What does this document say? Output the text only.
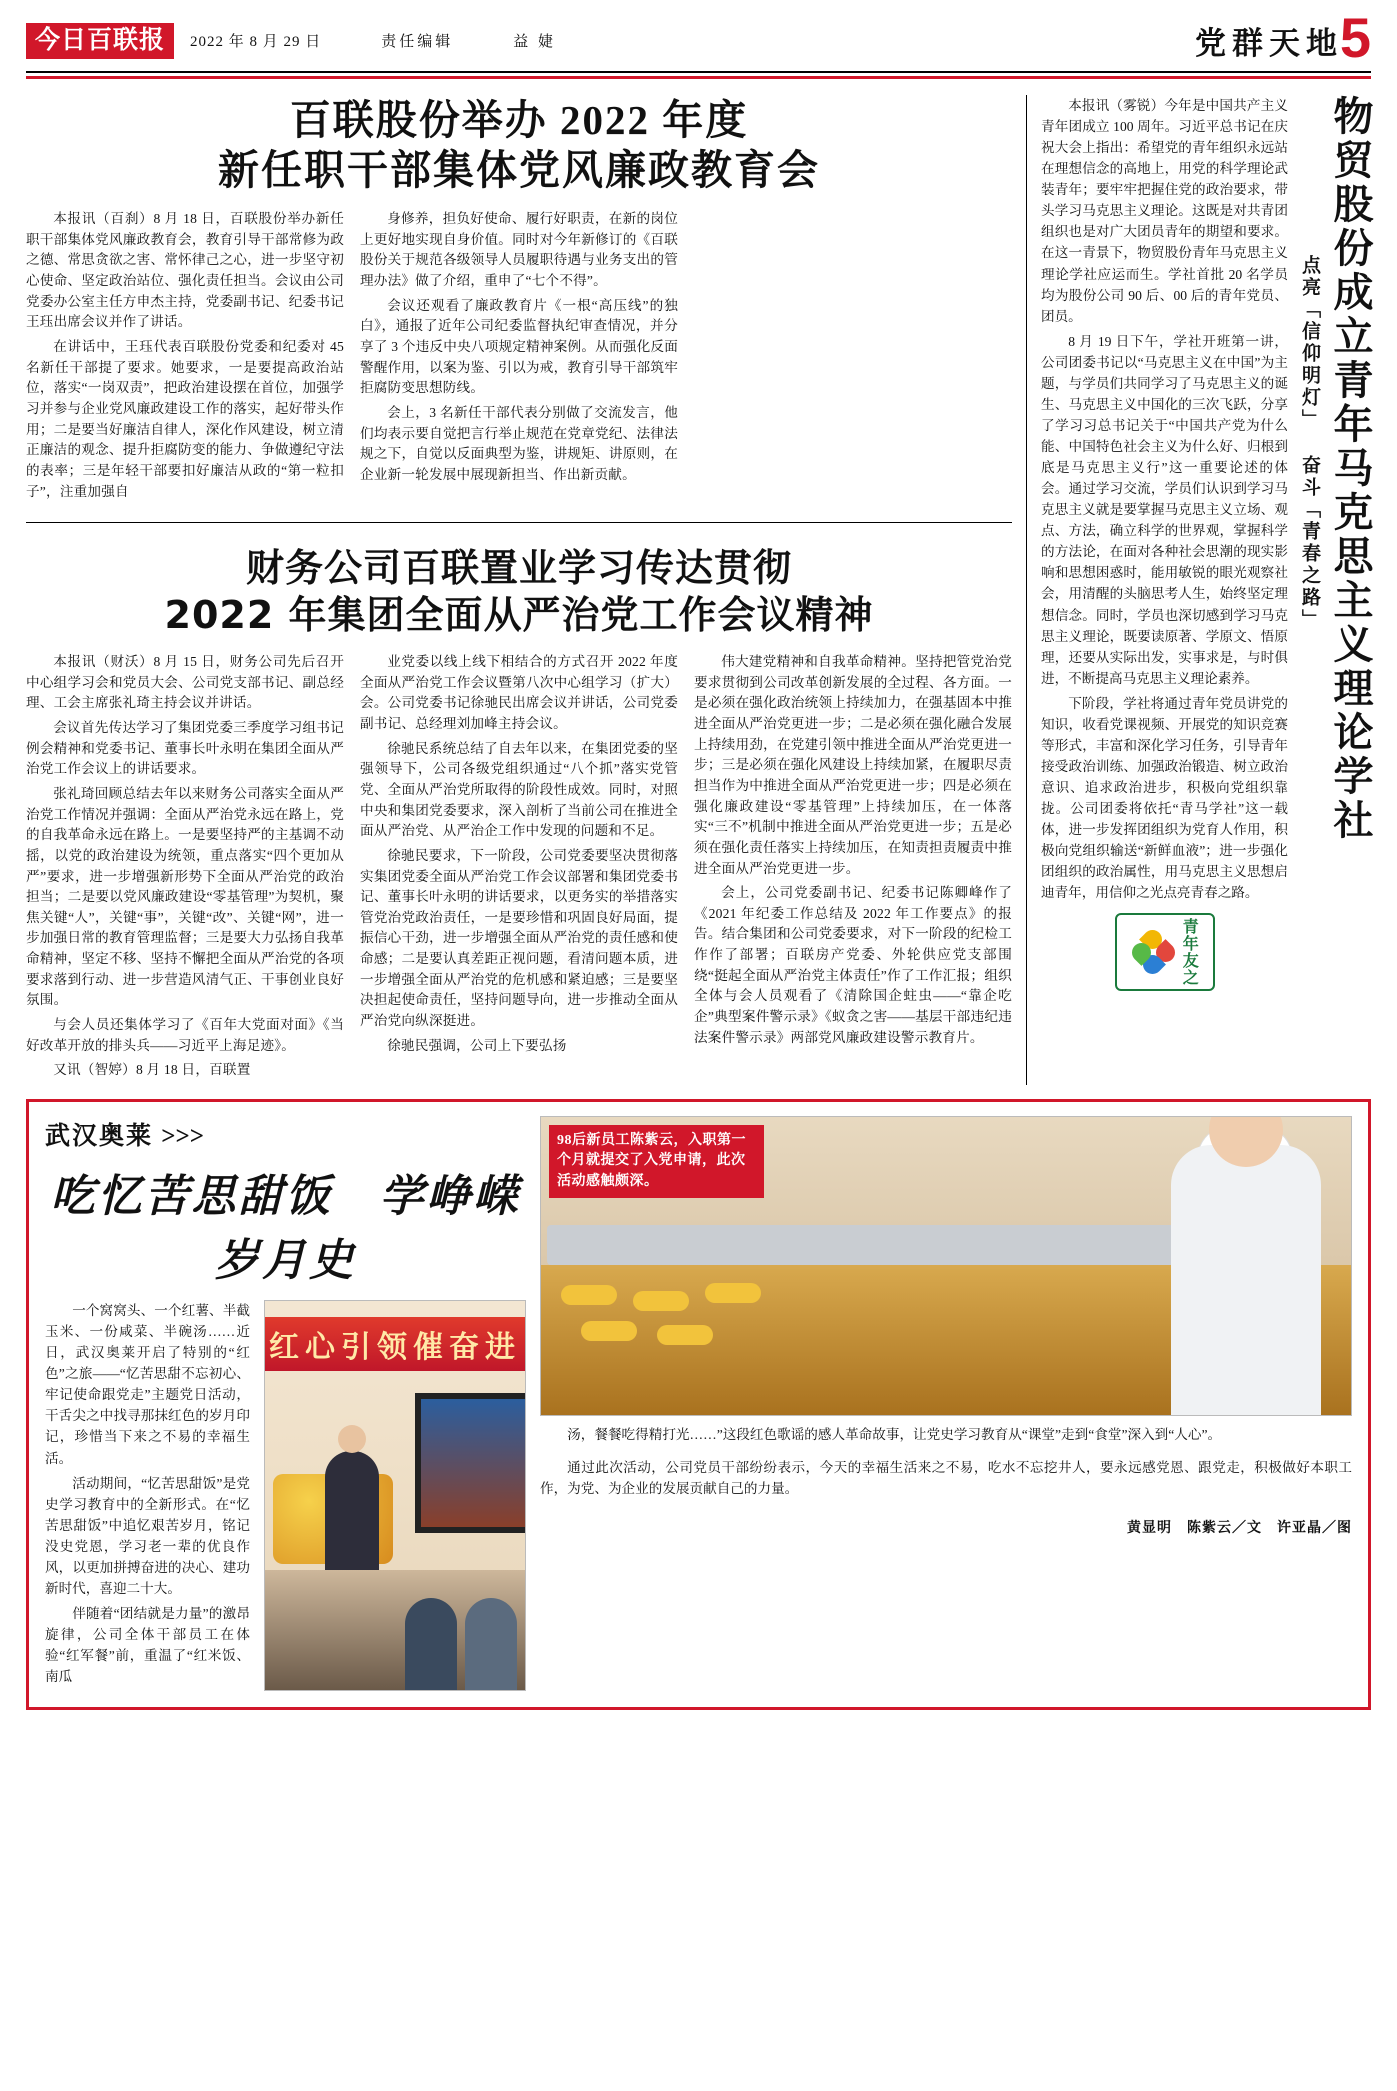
今日百联报	2022 年 8 月 29 日	责任编辑	益 婕	党群天地
5
百联股份举办 2022 年度
新任职干部集体党风廉政教育会

本报讯（百刹）8 月 18 日，百联股份举办新任职干部集体党风廉政教育会，教育引导干部常修为政之德、常思贪欲之害、常怀律己之心，进一步坚守初心使命、坚定政治站位、强化责任担当。会议由公司党委办公室主任方申杰主持，党委副书记、纪委书记王珏出席会议并作了讲话。

在讲话中，王珏代表百联股份党委和纪委对 45 名新任干部提了要求。她要求，一是要提高政治站位，落实“一岗双责”，把政治建设摆在首位，加强学习并参与企业党风廉政建设工作的落实，起好带头作用；二是要当好廉洁自律人，深化作风建设，树立清正廉洁的观念、提升拒腐防变的能力、争做遵纪守法的表率；三是年轻干部要扣好廉洁从政的“第一粒扣子”，注重加强自

身修养，担负好使命、履行好职责，在新的岗位上更好地实现自身价值。同时对今年新修订的《百联股份关于规范各级领导人员履职待遇与业务支出的管理办法》做了介绍，重申了“七个不得”。

会议还观看了廉政教育片《一根“高压线”的独白》，通报了近年公司纪委监督执纪审查情况，并分享了 3 个违反中央八项规定精神案例。从而强化反面警醒作用，以案为鉴、引以为戒，教育引导干部筑牢拒腐防变思想防线。

会上，3 名新任干部代表分别做了交流发言，他们均表示要自觉把言行举止规范在党章党纪、法律法规之下，自觉以反面典型为鉴，讲规矩、讲原则，在企业新一轮发展中展现新担当、作出新贡献。

财务公司百联置业学习传达贯彻
2022 年集团全面从严治党工作会议精神

本报讯（财沃）8 月 15 日，财务公司先后召开中心组学习会和党员大会、公司党支部书记、副总经理、工会主席张礼琦主持会议并讲话。

会议首先传达学习了集团党委三季度学习组书记例会精神和党委书记、董事长叶永明在集团全面从严治党工作会议上的讲话要求。

张礼琦回顾总结去年以来财务公司落实全面从严治党工作情况并强调：全面从严治党永远在路上，党的自我革命永远在路上。一是要坚持严的主基调不动摇，以党的政治建设为统领，重点落实“四个更加从严”要求，进一步增强新形势下全面从严治党的政治担当；二是要以党风廉政建设“零基管理”为契机，聚焦关键“人”，关键“事”，关键“改”、关键“网”，进一步加强日常的教育管理监督；三是要大力弘扬自我革命精神，坚定不移、坚持不懈把全面从严治党的各项要求落到行动、进一步营造风清气正、干事创业良好氛围。

与会人员还集体学习了《百年大党面对面》《当好改革开放的排头兵——习近平上海足迹》。

又讯（智婷）8 月 18 日，百联置

业党委以线上线下相结合的方式召开 2022 年度全面从严治党工作会议暨第八次中心组学习（扩大）会。公司党委书记徐驰民出席会议并讲话，公司党委副书记、总经理刘加峰主持会议。

徐驰民系统总结了自去年以来，在集团党委的坚强领导下，公司各级党组织通过“八个抓”落实党管党、全面从严治党所取得的阶段性成效。同时，对照中央和集团党委要求，深入剖析了当前公司在推进全面从严治党、从严治企工作中发现的问题和不足。

徐驰民要求，下一阶段，公司党委要坚决贯彻落实集团党委全面从严治党工作会议部署和集团党委书记、董事长叶永明的讲话要求，以更务实的举措落实管党治党政治责任，一是要珍惜和巩固良好局面，提振信心干劲，进一步增强全面从严治党的责任感和使命感；二是要认真差距正视问题，看清问题本质，进一步增强全面从严治党的危机感和紧迫感；三是要坚决担起使命责任，坚持问题导向，进一步推动全面从严治党向纵深挺进。

徐驰民强调，公司上下要弘扬

伟大建党精神和自我革命精神。坚持把管党治党要求贯彻到公司改革创新发展的全过程、各方面。一是必须在强化政治统领上持续加力，在强基固本中推进全面从严治党更进一步；二是必须在强化融合发展上持续用劲，在党建引领中推进全面从严治党更进一步；三是必须在强化风建设上持续加紧，在履职尽责担当作为中推进全面从严治党更进一步；四是必须在强化廉政建设“零基管理”上持续加压，在一体落实“三不”机制中推进全面从严治党更进一步；五是必须在强化责任落实上持续加压，在知责担责履责中推进全面从严治党更进一步。

会上，公司党委副书记、纪委书记陈卿峰作了《2021 年纪委工作总结及 2022 年工作要点》的报告。结合集团和公司党委要求，对下一阶段的纪检工作作了部署；百联房产党委、外轮供应党支部围绕“挺起全面从严治党主体责任”作了工作汇报；组织全体与会人员观看了《清除国企蛀虫——“靠企吃企”典型案件警示录》《蚁贪之害——基层干部违纪违法案件警示录》两部党风廉政建设警示教育片。

物贸股份成立青年马克思主义理论学社
点亮「信仰明灯」 奋斗「青春之路」

本报讯（雾锐）今年是中国共产主义青年团成立 100 周年。习近平总书记在庆祝大会上指出：希望党的青年组织永远站在理想信念的高地上，用党的科学理论武装青年；要牢牢把握住党的政治要求，带头学习马克思主义理论。这既是对共青团组织也是对广大团员青年的期望和要求。在这一青景下，物贸股份青年马克思主义理论学社应运而生。学社首批 20 名学员均为股份公司 90 后、00 后的青年党员、团员。

8 月 19 日下午，学社开班第一讲，公司团委书记以“马克思主义在中国”为主题，与学员们共同学习了马克思主义的诞生、马克思主义中国化的三次飞跃，分享了学习习总书记关于“中国共产党为什么能、中国特色社会主义为什么好、归根到底是马克思主义行”这一重要论述的体会。通过学习交流，学员们认识到学习马克思主义就是要掌握马克思主义立场、观点、方法，确立科学的世界观，掌握科学的方法论，在面对各种社会思潮的现实影响和思想困惑时，能用敏锐的眼光观察社会，用清醒的头脑思考人生，始终坚定理想信念。同时，学员也深切感到学习马克思主义理论，既要读原著、学原文、悟原理，还要从实际出发，实事求是，与时俱进，不断提高马克思主义理论素养。

下阶段，学社将通过青年党员讲党的知识，收看党课视频、开展党的知识竞赛等形式，丰富和深化学习任务，引导青年接受政治训练、加强政治锻造、树立政治意识、追求政治进步，积极向党组织靠拢。公司团委将依托“青马学社”这一载体，进一步发挥团组织为党育人作用，积极向党组织输送“新鲜血液”；进一步强化团组织的政治属性，用马克思主义思想启迪青年，用信仰之光点亮青春之路。

青年友之
武汉奥莱 >>>
吃忆苦思甜饭　学峥嵘岁月史

一个窝窝头、一个红薯、半截玉米、一份咸菜、半碗汤……近日，武汉奥莱开启了特别的“红色”之旅——“忆苦思甜不忘初心、牢记使命跟党走”主题党日活动，干舌尖之中找寻那抹红色的岁月印记，珍惜当下来之不易的幸福生活。

活动期间，“忆苦思甜饭”是党史学习教育中的全新形式。在“忆苦思甜饭”中追忆艰苦岁月，铭记没史党恩，学习老一辈的优良作风，以更加拼搏奋进的决心、建功新时代，喜迎二十大。

伴随着“团结就是力量”的激昂旋律，公司全体干部员工在体验“红军餐”前，重温了“红米饭、南瓜

红心引领催奋进
98后新员工陈紫云，入职第一个月就提交了入党申请，此次活动感触颇深。

汤，餐餐吃得精打光……”这段红色歌谣的感人革命故事，让党史学习教育从“课堂”走到“食堂”深入到“人心”。

通过此次活动，公司党员干部纷纷表示，今天的幸福生活来之不易，吃水不忘挖井人，要永远感党恩、跟党走，积极做好本职工作，为党、为企业的发展贡献自己的力量。

黄显明　陈紫云／文　许亚晶／图
